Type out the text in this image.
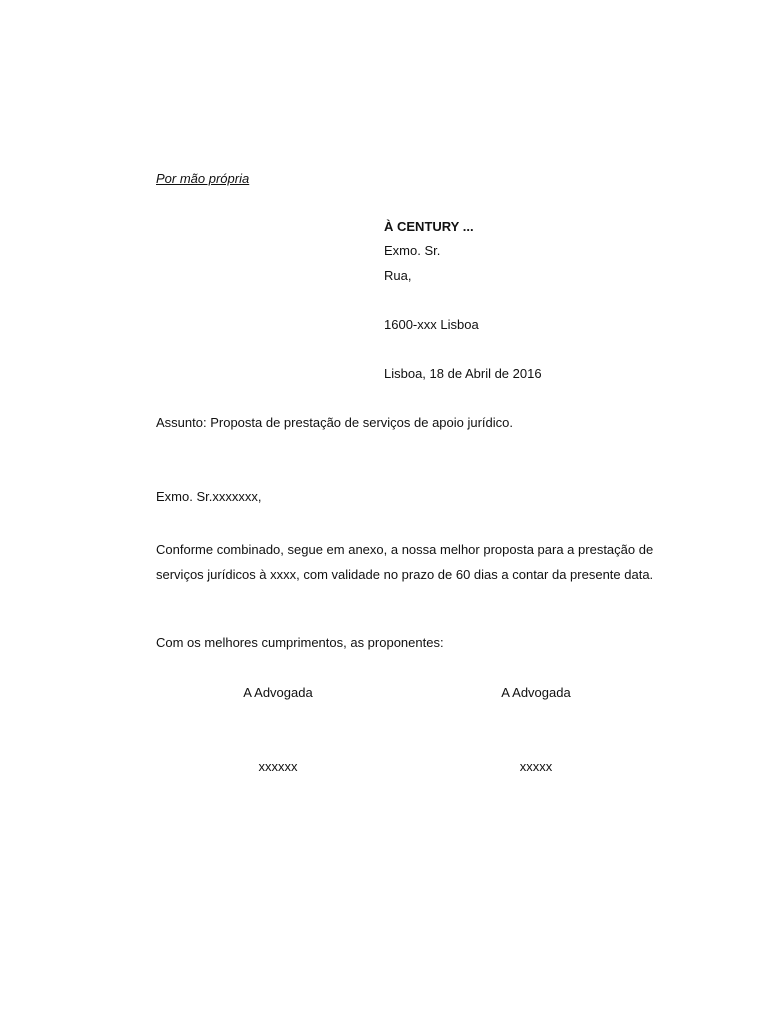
Por mão própria
À CENTURY ...
Exmo. Sr.
Rua,
1600-xxx Lisboa
Lisboa, 18 de Abril de 2016
Assunto: Proposta de prestação de serviços de apoio jurídico.
Exmo. Sr.xxxxxxx,
Conforme combinado, segue em anexo, a nossa melhor proposta para a prestação de
serviços jurídicos à xxxx, com validade no prazo de 60 dias a contar da presente data.
Com os melhores cumprimentos, as proponentes:
A Advogada	A Advogada
xxxxxx	xxxxx
